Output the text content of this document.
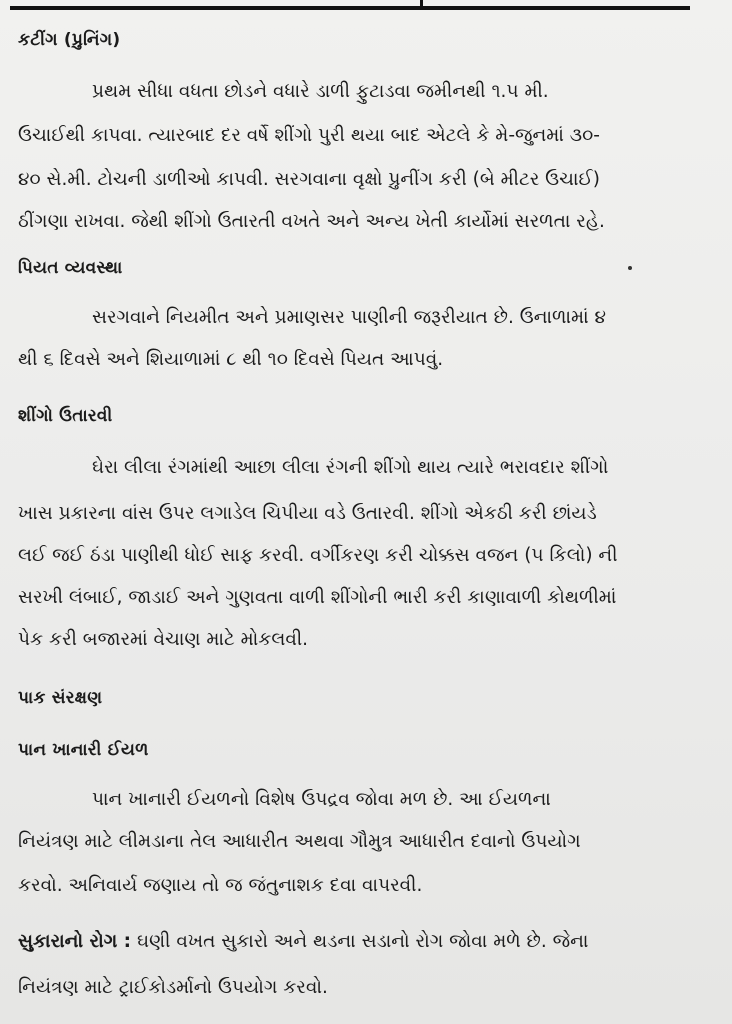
કટીંગ (પ્રુનિંગ)
પ્રથમ સીધા વધતા છોડને વધારે ડાળી ફુટાડવા જમીનથી ૧.૫ મી.
ઉંચાઈથી કાપવા. ત્યારબાદ દર વર્ષે શીંગો પુરી થયા બાદ એટલે કે મે-જુનમાં ૩૦-
૪૦ સે.મી. ટોચની ડાળીઓ કાપવી. સરગવાના વૃક્ષો પ્રુનીંગ કરી (બે મીટર ઉંચાઈ)
ઠીંગણા રાખવા. જેથી શીંગો ઉતારતી વખતે અને અન્ય ખેતી કાર્યોમાં સરળતા રહે.
પિયત વ્યવસ્થા
સરગવાને નિયમીત અને પ્રમાણસર પાણીની જરૂરીયાત છે. ઉનાળામાં ૪
થી ૬ દિવસે અને શિયાળામાં ૮ થી ૧૦ દિવસે પિયત આપવું.
શીંગો ઉતારવી
ઘેરા લીલા રંગમાંથી આછા લીલા રંગની શીંગો થાય ત્યારે ભરાવદાર શીંગો
ખાસ પ્રકારના વાંસ ઉપર લગાડેલ ચિપીયા વડે ઉતારવી. શીંગો એકઠી કરી છાંયડે
લઈ જઈ ઠંડા પાણીથી ધોઈ સાફ કરવી. વર્ગીકરણ કરી ચોક્કસ વજન (૫ કિલો) ની
સરખી લંબાઈ, જાડાઈ અને ગુણવતા વાળી શીંગોની ભારી કરી કાણાવાળી કોથળીમાં
પેક કરી બજારમાં વેચાણ માટે મોકલવી.
પાક સંરક્ષણ
પાન ખાનારી ઈયળ
પાન ખાનારી ઈયળનો વિશેષ ઉપદ્રવ જોવા મળ છે. આ ઈયળના
નિયંત્રણ માટે લીમડાના તેલ આધારીત અથવા ગૌમુત્ર આધારીત દવાનો ઉપયોગ
કરવો. અનિવાર્ય જણાય તો જ જંતુનાશક દવા વાપરવી.
સુકારાનો રોગ : ઘણી વખત સુકારો અને થડના સડાનો રોગ જોવા મળે છે. જેના
નિયંત્રણ માટે ટ્રાઈકોડર્માનો ઉપયોગ કરવો.
